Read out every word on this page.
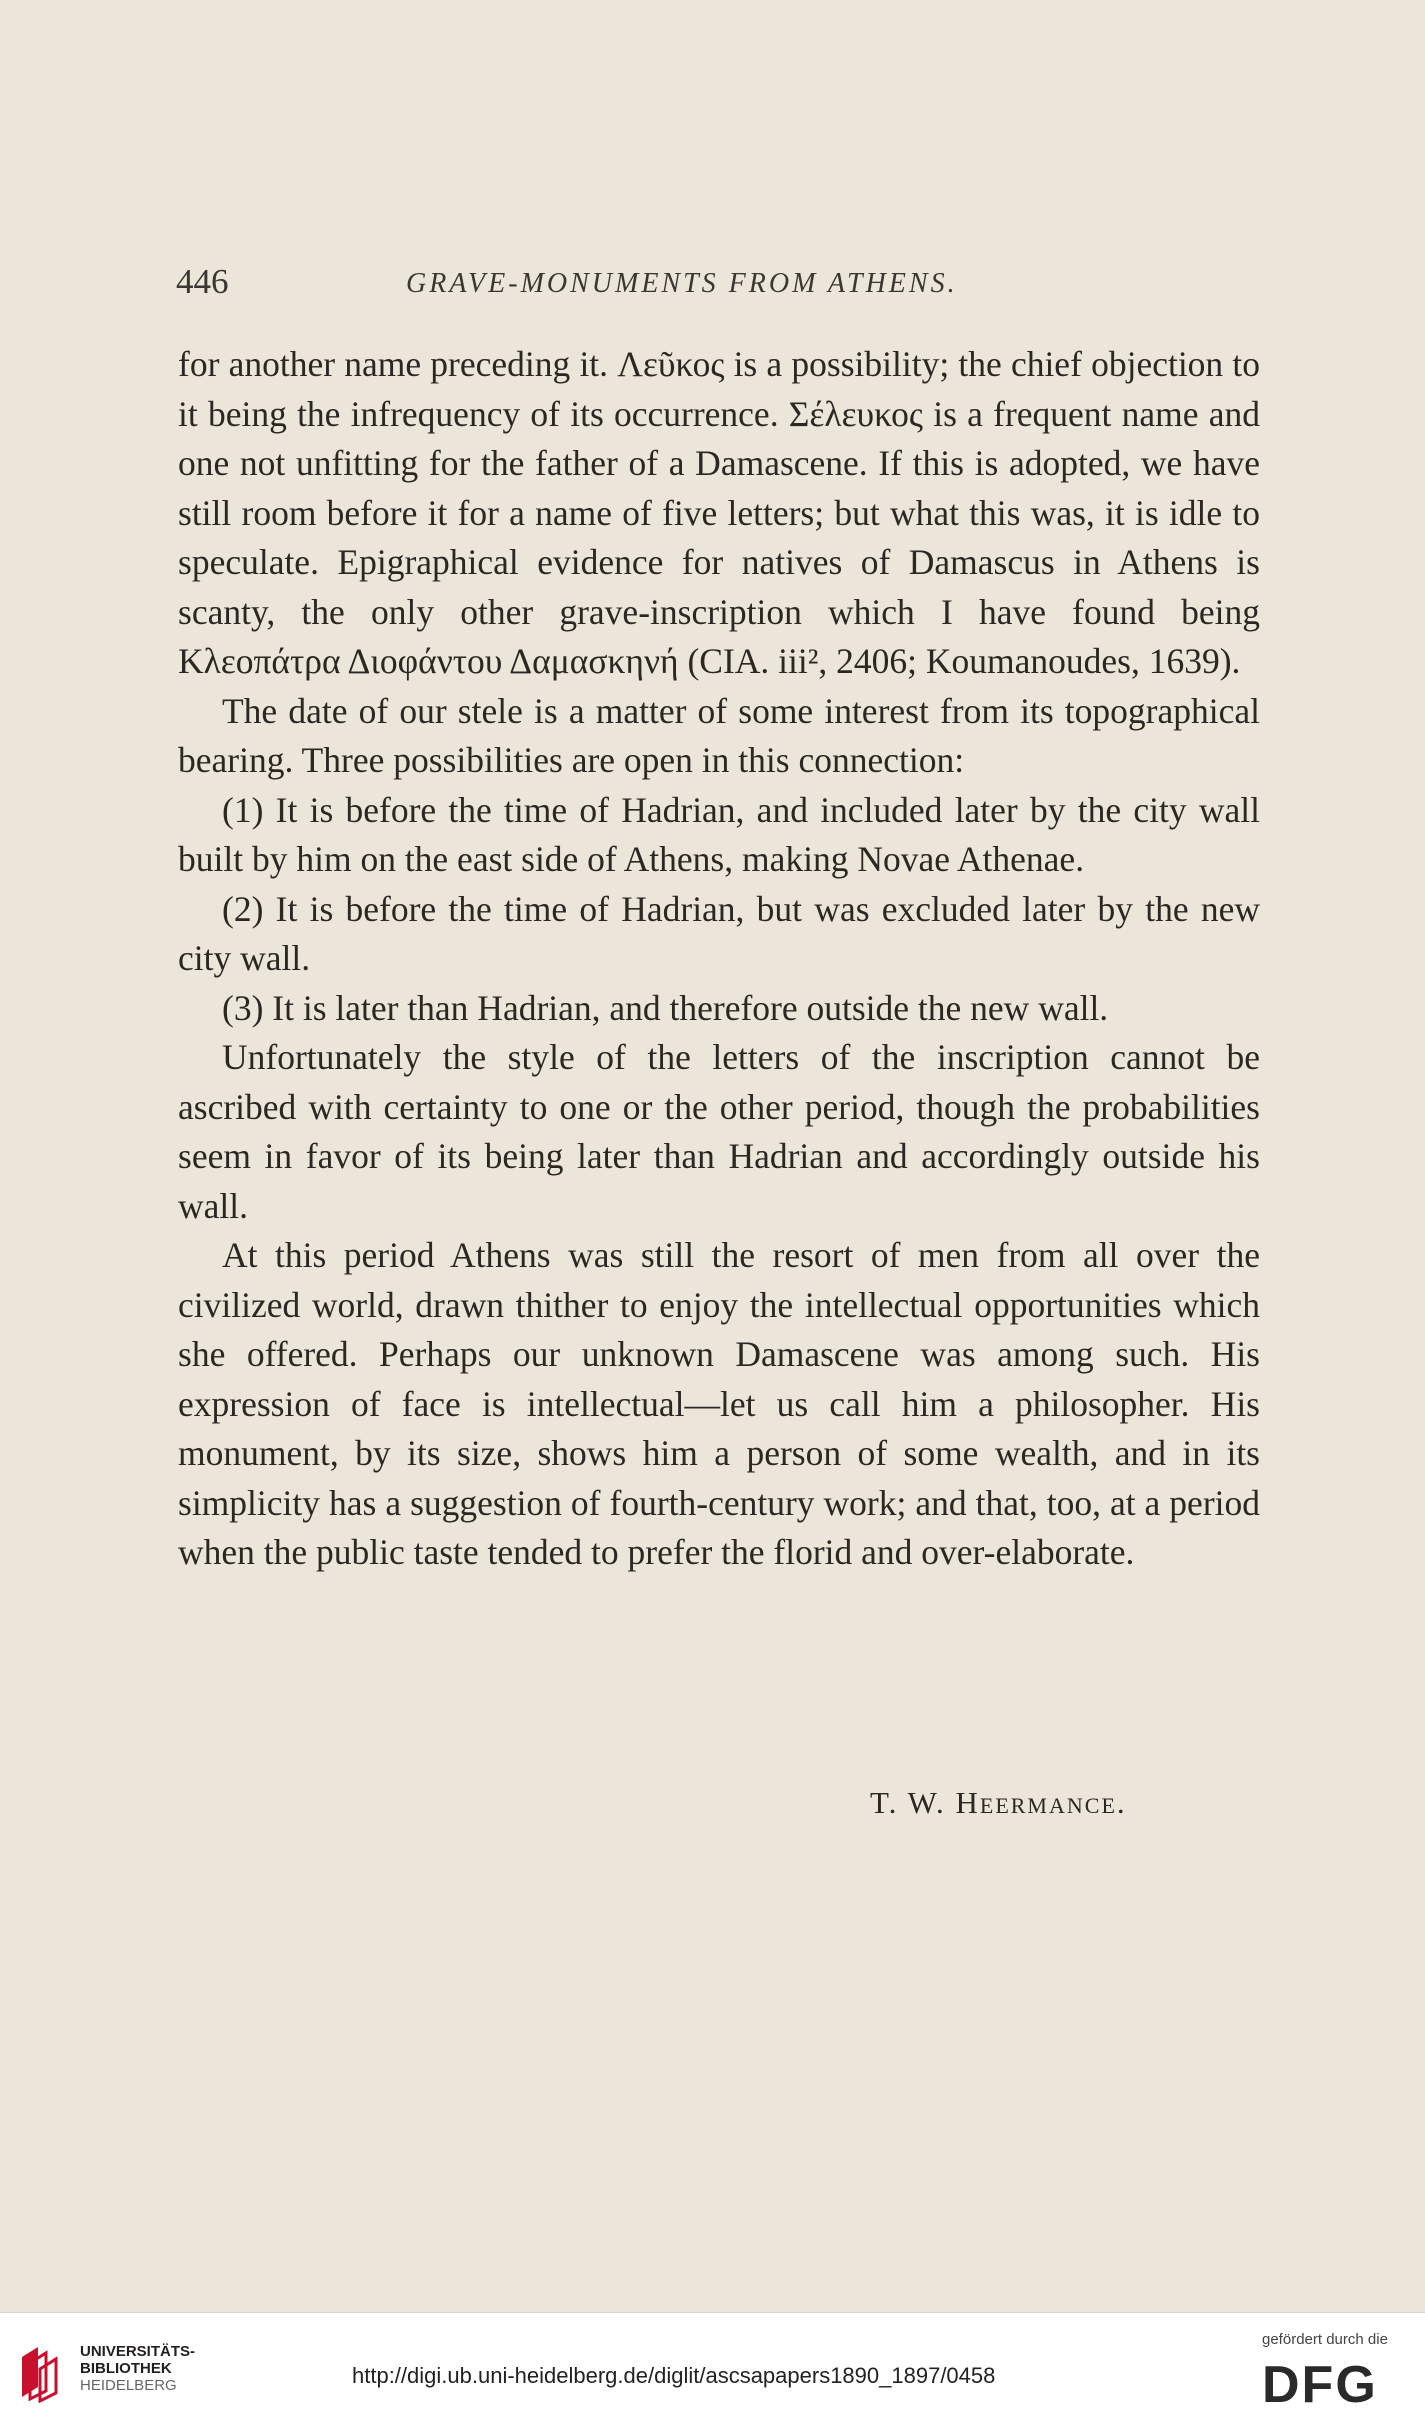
446	GRAVE-MONUMENTS FROM ATHENS.

for another name preceding it. Λεῦκος is a possibility; the chief objection to it being the infrequency of its occurrence. Σέλευκος is a frequent name and one not unfitting for the father of a Damascene. If this is adopted, we have still room before it for a name of five letters; but what this was, it is idle to speculate. Epigraphical evidence for natives of Damascus in Athens is scanty, the only other grave-inscription which I have found being Κλεοπάτρα Διοφάντου Δαμασκηνή (CIA. iii², 2406; Koumanoudes, 1639).

The date of our stele is a matter of some interest from its topographical bearing. Three possibilities are open in this connection:

(1) It is before the time of Hadrian, and included later by the city wall built by him on the east side of Athens, making Novae Athenae.

(2) It is before the time of Hadrian, but was excluded later by the new city wall.

(3) It is later than Hadrian, and therefore outside the new wall.

Unfortunately the style of the letters of the inscription cannot be ascribed with certainty to one or the other period, though the probabilities seem in favor of its being later than Hadrian and accordingly outside his wall.

At this period Athens was still the resort of men from all over the civilized world, drawn thither to enjoy the intellectual opportunities which she offered. Perhaps our unknown Damascene was among such. His expression of face is intellectual—let us call him a philosopher. His monument, by its size, shows him a person of some wealth, and in its simplicity has a suggestion of fourth-century work; and that, too, at a period when the public taste tended to prefer the florid and over-elaborate.

T. W. Heermance.
UNIVERSITÄTS-
BIBLIOTHEK
HEIDELBERG	http://digi.ub.uni-heidelberg.de/diglit/ascsapapers1890_1897/0458
gefördert durch die
DFG
